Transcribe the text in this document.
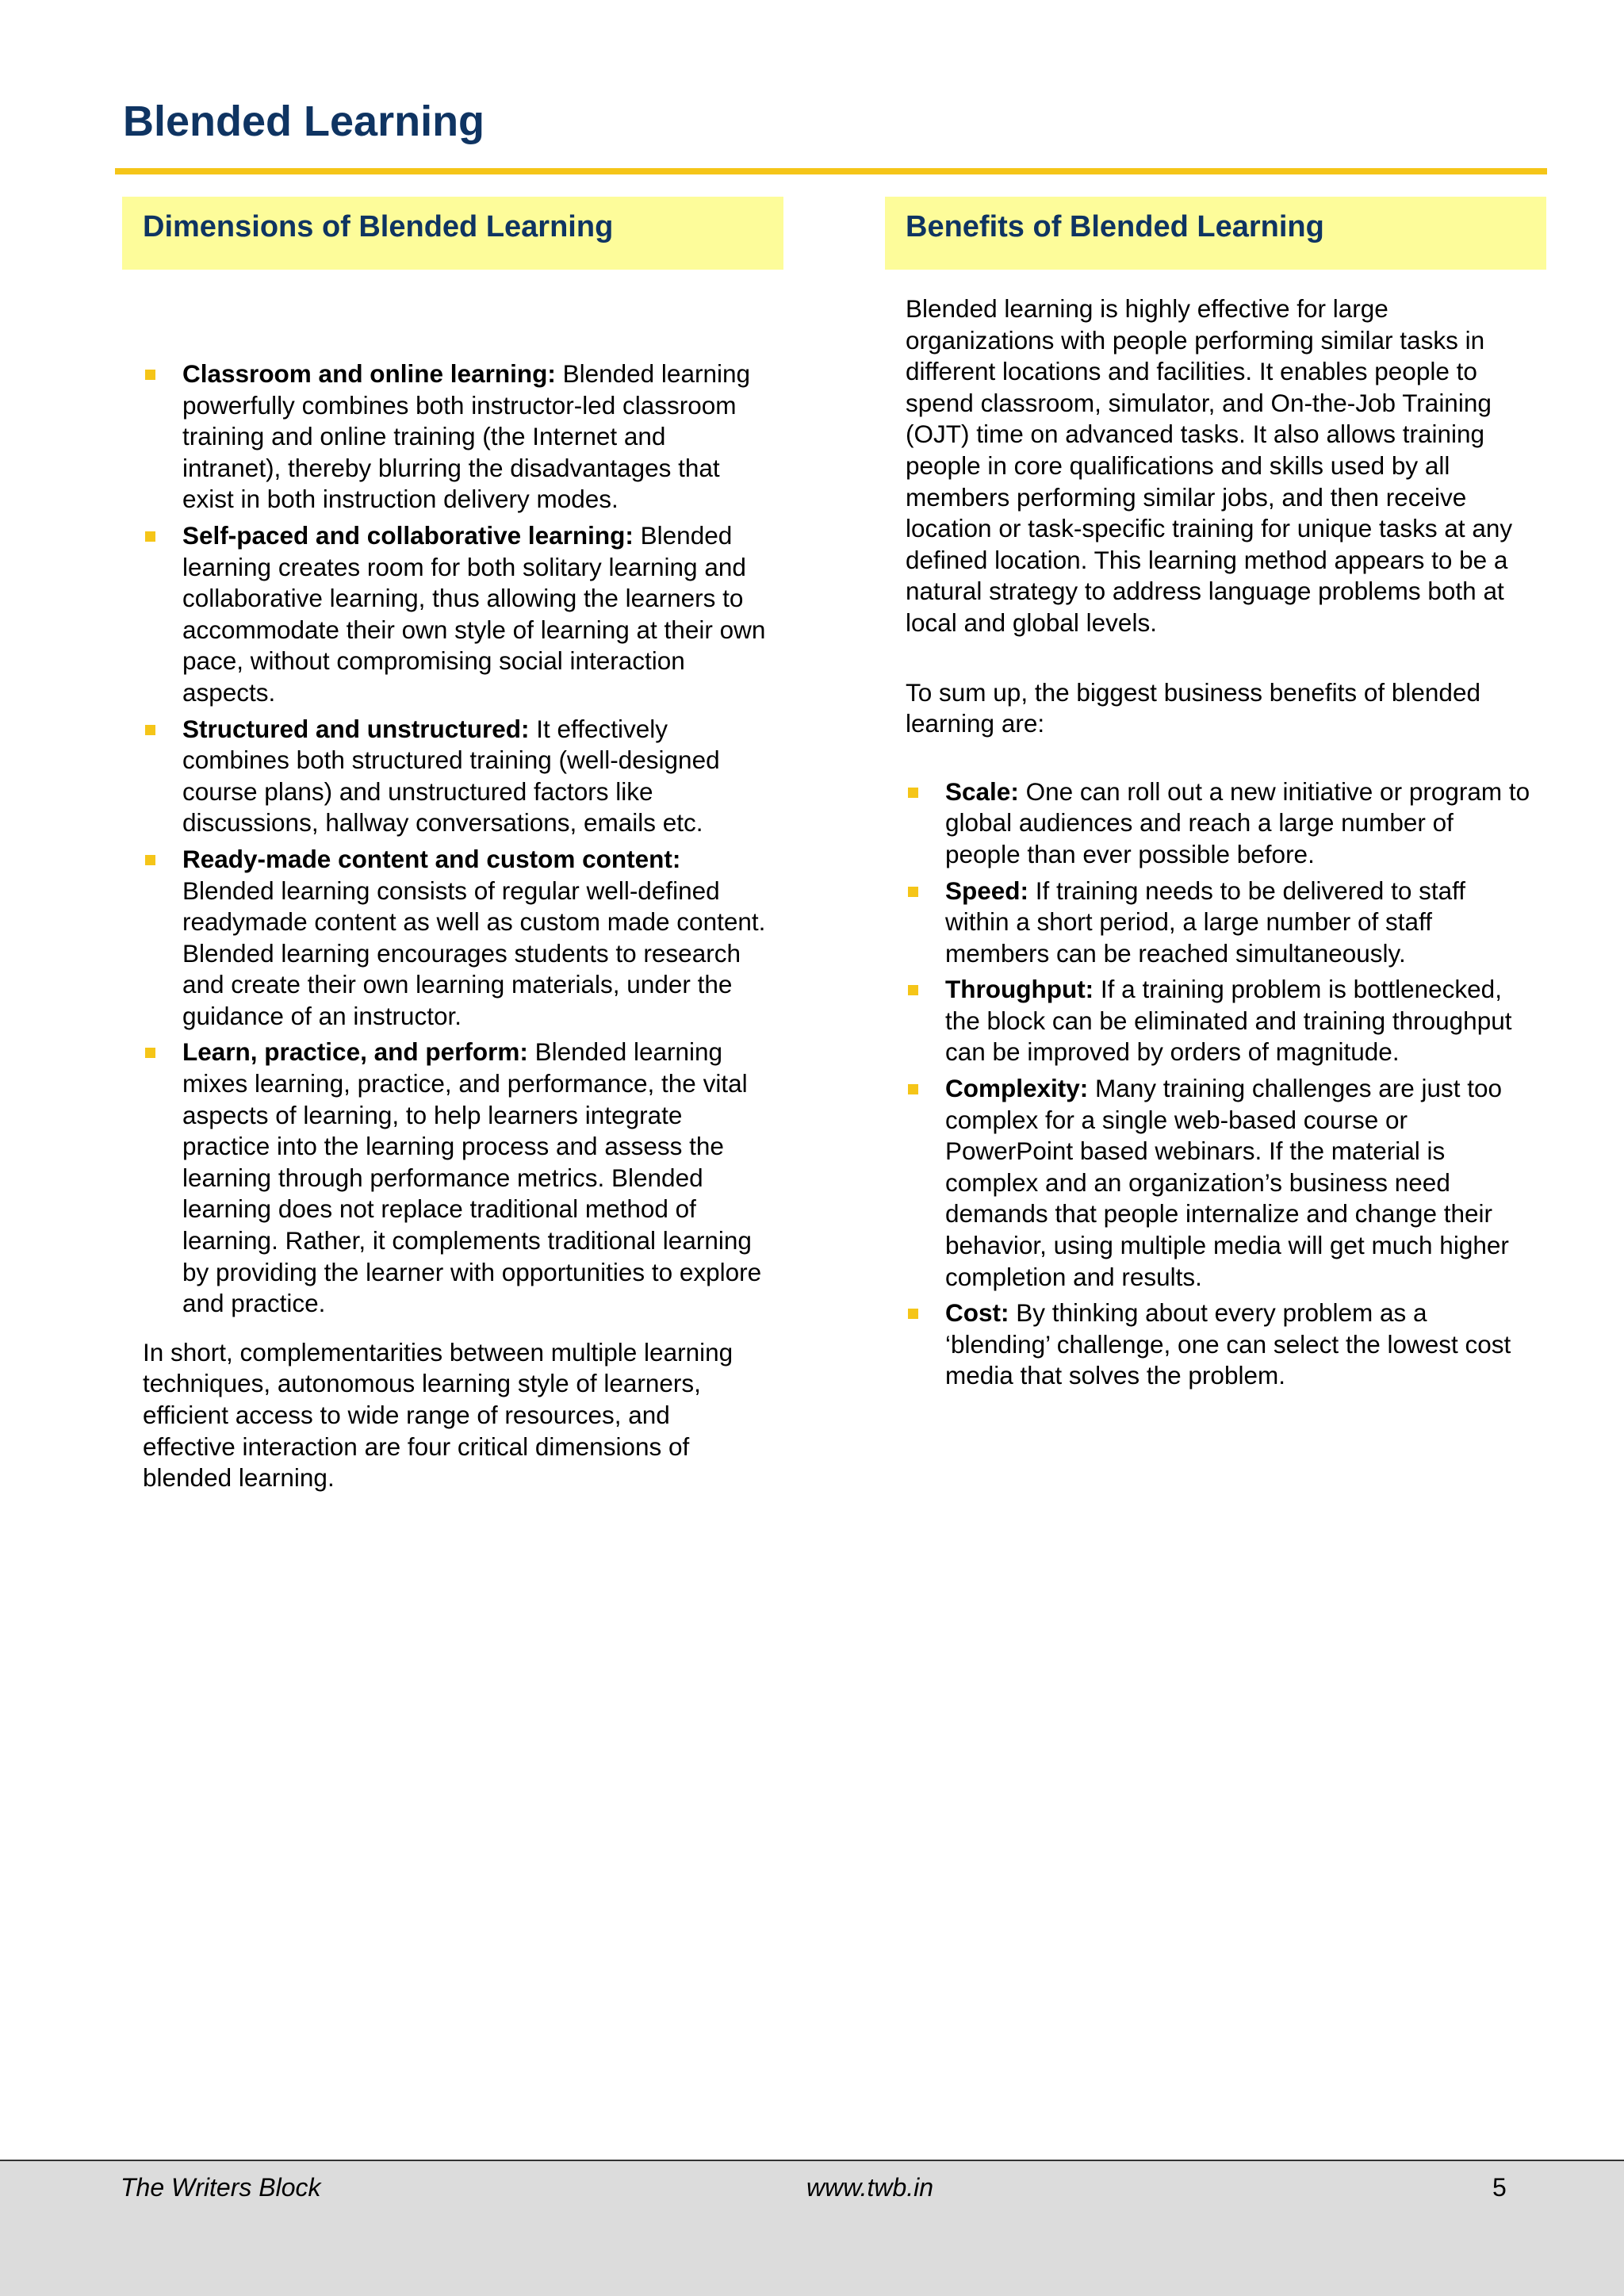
Blended Learning
Dimensions of Blended Learning
Classroom and online learning: Blended learning powerfully combines both instructor-led classroom training and online training (the Internet and intranet), thereby blurring the disadvantages that exist in both instruction delivery modes.
Self-paced and collaborative learning: Blended learning creates room for both solitary learning and collaborative learning, thus allowing the learners to accommodate their own style of learning at their own pace, without compromising social interaction aspects.
Structured and unstructured: It effectively combines both structured training (well-designed course plans) and unstructured factors like discussions, hallway conversations, emails etc.
Ready-made content and custom content: Blended learning consists of regular well-defined readymade content as well as custom made content. Blended learning encourages students to research and create their own learning materials, under the guidance of an instructor.
Learn, practice, and perform: Blended learning mixes learning, practice, and performance, the vital aspects of learning, to help learners integrate practice into the learning process and assess the learning through performance metrics. Blended learning does not replace traditional method of learning. Rather, it complements traditional learning by providing the learner with opportunities to explore and practice.

In short, complementarities between multiple learning techniques, autonomous learning style of learners, efficient access to wide range of resources, and effective interaction are four critical dimensions of blended learning.

Benefits of Blended Learning

Blended learning is highly effective for large organizations with people performing similar tasks in different locations and facilities. It enables people to spend classroom, simulator, and On-the-Job Training (OJT) time on advanced tasks. It also allows training people in core qualifications and skills used by all members performing similar jobs, and then receive location or task-specific training for unique tasks at any defined location. This learning method appears to be a natural strategy to address language problems both at local and global levels.

To sum up, the biggest business benefits of blended learning are:

Scale: One can roll out a new initiative or program to global audiences and reach a large number of people than ever possible before.
Speed: If training needs to be delivered to staff within a short period, a large number of staff members can be reached simultaneously.
Throughput: If a training problem is bottlenecked, the block can be eliminated and training throughput can be improved by orders of magnitude.
Complexity: Many training challenges are just too complex for a single web-based course or PowerPoint based webinars. If the material is complex and an organization’s business need demands that people internalize and change their behavior, using multiple media will get much higher completion and results.
Cost: By thinking about every problem as a ‘blending’ challenge, one can select the lowest cost media that solves the problem.
The Writers Block	www.twb.in	5
